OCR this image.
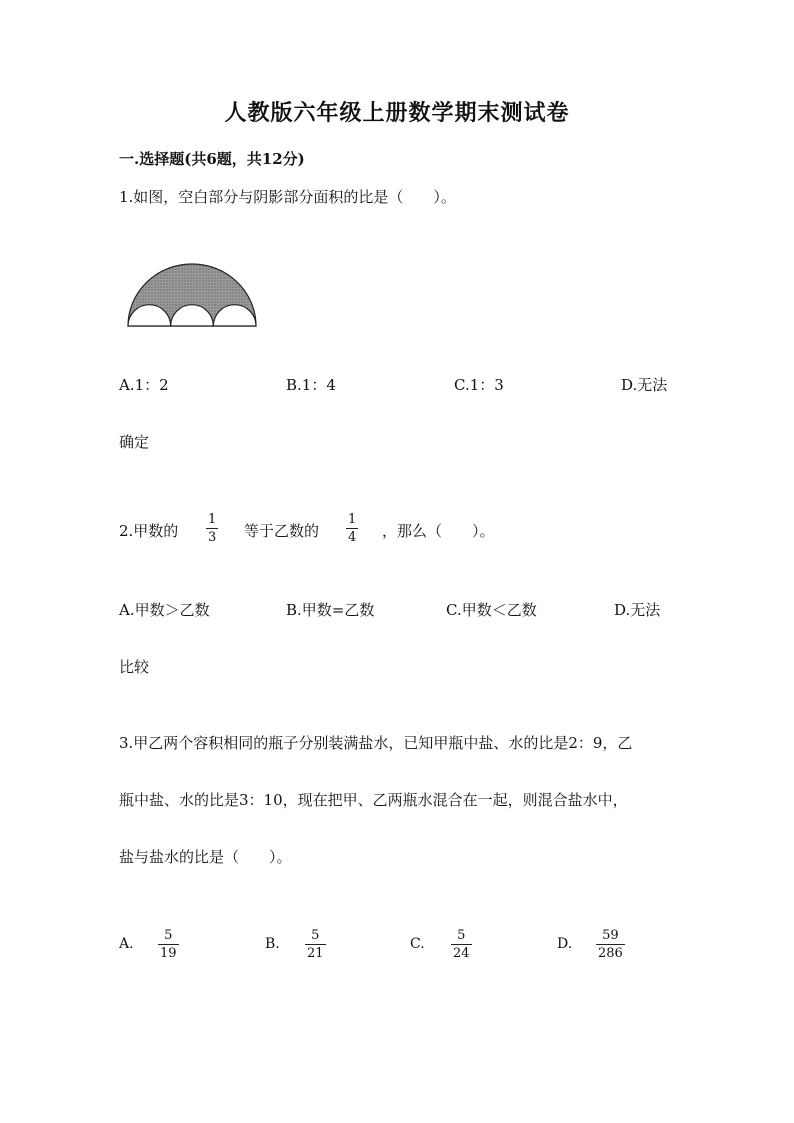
人教版六年级上册数学期末测试卷
一.选择题(共6题，共12分)
1.如图，空白部分与阴影部分面积的比是（　　）。
A.1：2	B.1：4	C.1：3	D.无法
确定
2.甲数的
1
3 等于乙数的
1
4 ，那么（　　）。
A.甲数＞乙数	B.甲数=乙数	C.甲数＜乙数	D.无法
比较
3.甲乙两个容积相同的瓶子分别装满盐水，已知甲瓶中盐、水的比是2：9，乙
瓶中盐、水的比是3：10，现在把甲、乙两瓶水混合在一起，则混合盐水中，
盐与盐水的比是（　　）。
A.
5
19
B.
5
21
C.
5
24
D.
59
286
